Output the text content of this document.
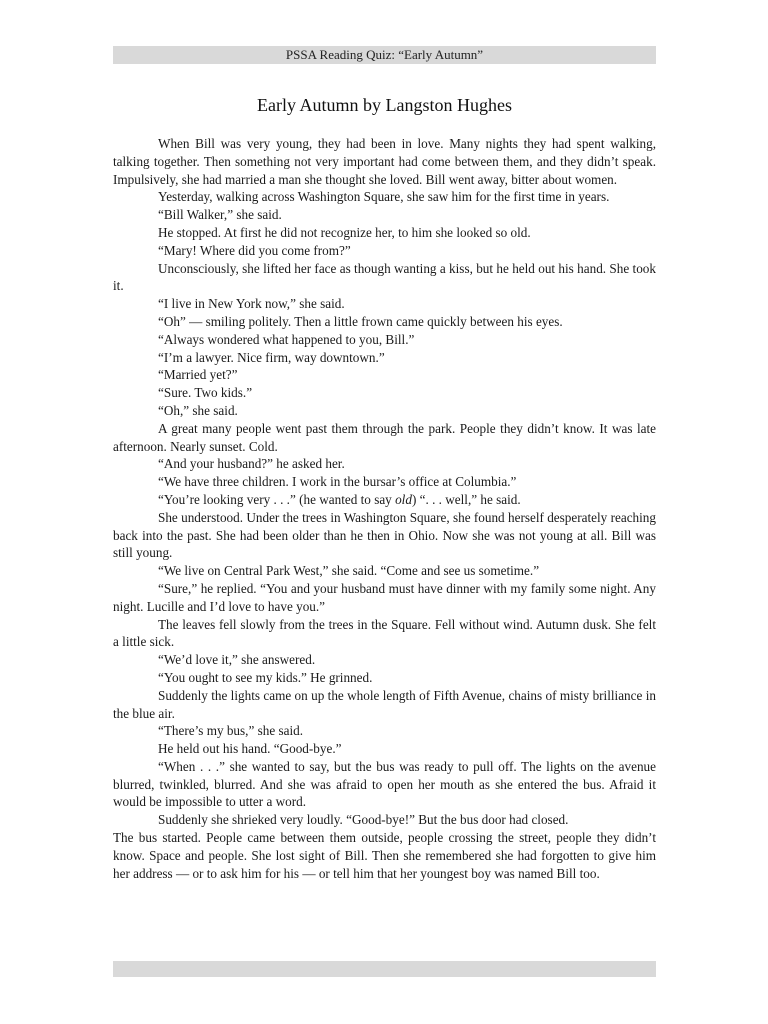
PSSA Reading Quiz: “Early Autumn”
Early Autumn by Langston Hughes

When Bill was very young, they had been in love. Many nights they had spent walking, talking together. Then something not very important had come between them, and they didn’t speak. Impulsively, she had married a man she thought she loved. Bill went away, bitter about women.

Yesterday, walking across Washington Square, she saw him for the first time in years.

“Bill Walker,” she said.

He stopped. At first he did not recognize her, to him she looked so old.

“Mary! Where did you come from?”

Unconsciously, she lifted her face as though wanting a kiss, but he held out his hand. She took it.

“I live in New York now,” she said.

“Oh” — smiling politely. Then a little frown came quickly between his eyes.

“Always wondered what happened to you, Bill.”

“I’m a lawyer. Nice firm, way downtown.”

“Married yet?”

“Sure. Two kids.”

“Oh,” she said.

A great many people went past them through the park. People they didn’t know. It was late afternoon. Nearly sunset. Cold.

“And your husband?” he asked her.

“We have three children. I work in the bursar’s office at Columbia.”

“You’re looking very . . .” (he wanted to say old) “. . . well,” he said.

She understood. Under the trees in Washington Square, she found herself desperately reaching back into the past. She had been older than he then in Ohio. Now she was not young at all. Bill was still young.

“We live on Central Park West,” she said. “Come and see us sometime.”

“Sure,” he replied. “You and your husband must have dinner with my family some night. Any night. Lucille and I’d love to have you.”

The leaves fell slowly from the trees in the Square. Fell without wind. Autumn dusk. She felt a little sick.

“We’d love it,” she answered.

“You ought to see my kids.” He grinned.

Suddenly the lights came on up the whole length of Fifth Avenue, chains of misty brilliance in the blue air.

“There’s my bus,” she said.

He held out his hand. “Good-bye.”

“When . . .” she wanted to say, but the bus was ready to pull off. The lights on the avenue blurred, twinkled, blurred. And she was afraid to open her mouth as she entered the bus. Afraid it would be impossible to utter a word.

Suddenly she shrieked very loudly. “Good-bye!” But the bus door had closed.

The bus started. People came between them outside, people crossing the street, people they didn’t know. Space and people. She lost sight of Bill. Then she remembered she had forgotten to give him her address — or to ask him for his — or tell him that her youngest boy was named Bill too.
